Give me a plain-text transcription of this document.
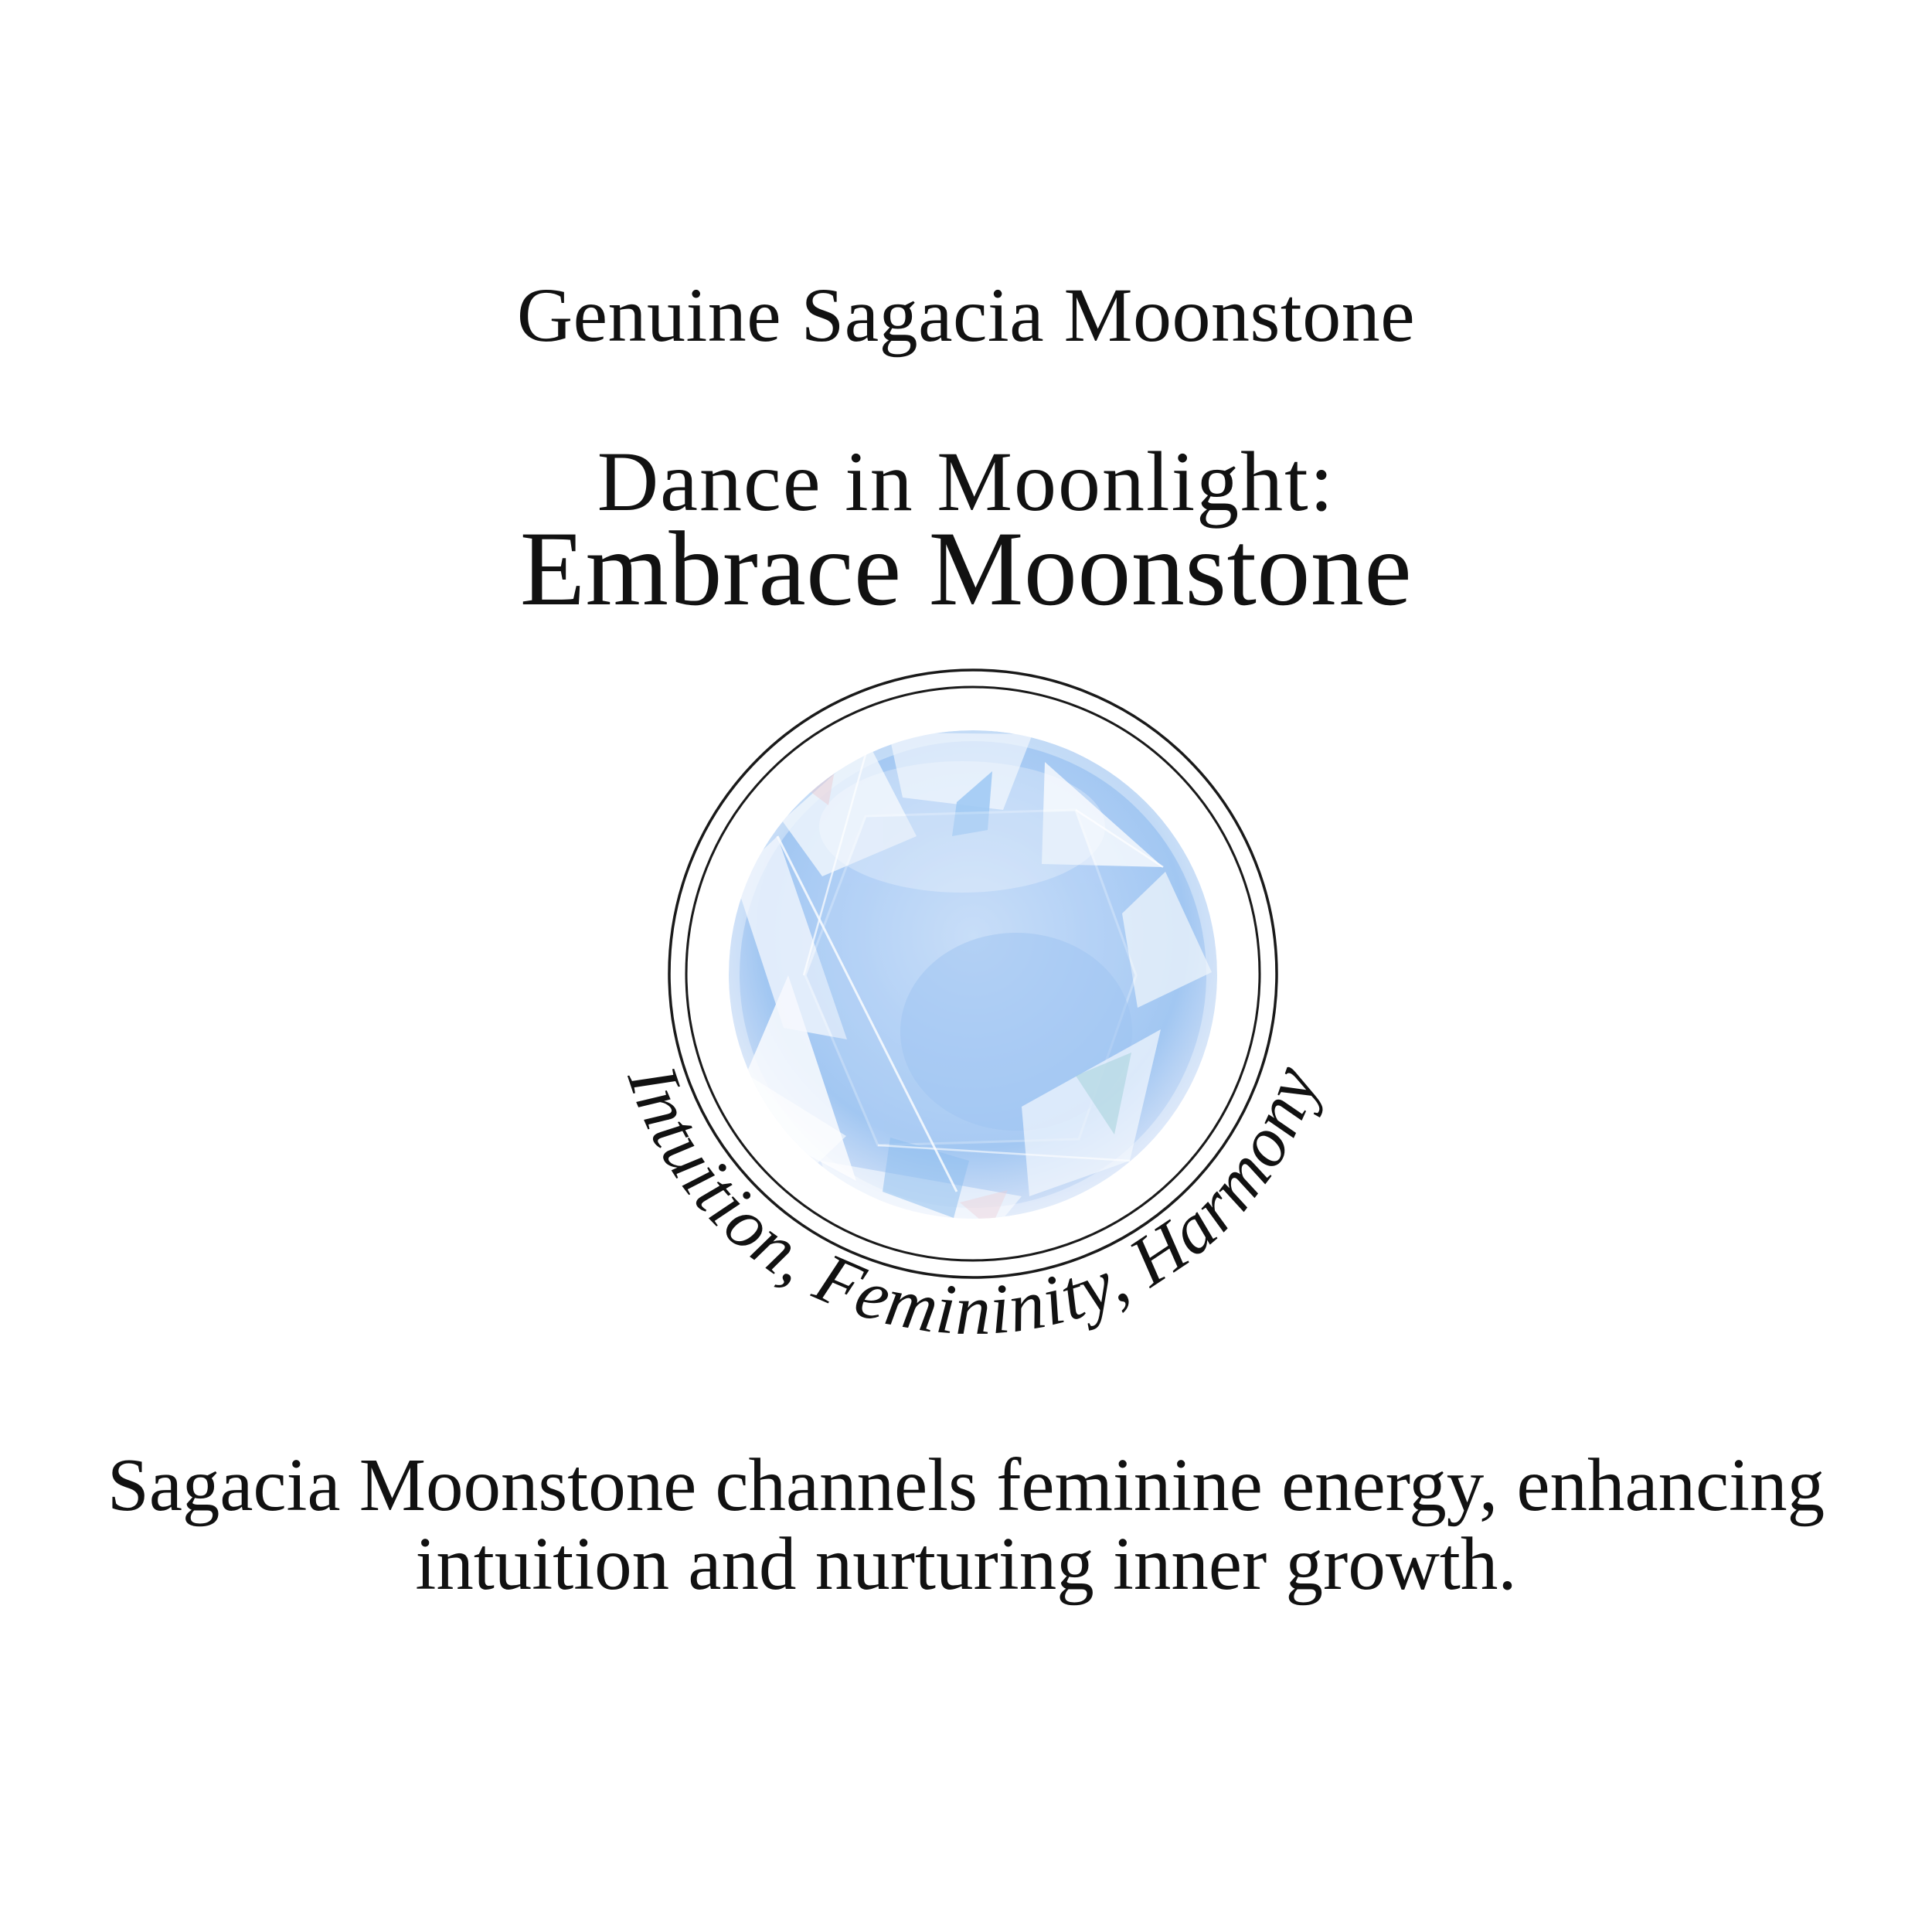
Genuine Sagacia Moonstone
Dance in Moonlight:
Embrace Moonstone
Intuition, Femininity, Harmony
Sagacia Moonstone channels feminine energy, enhancing
intuition and nurturing inner growth.
